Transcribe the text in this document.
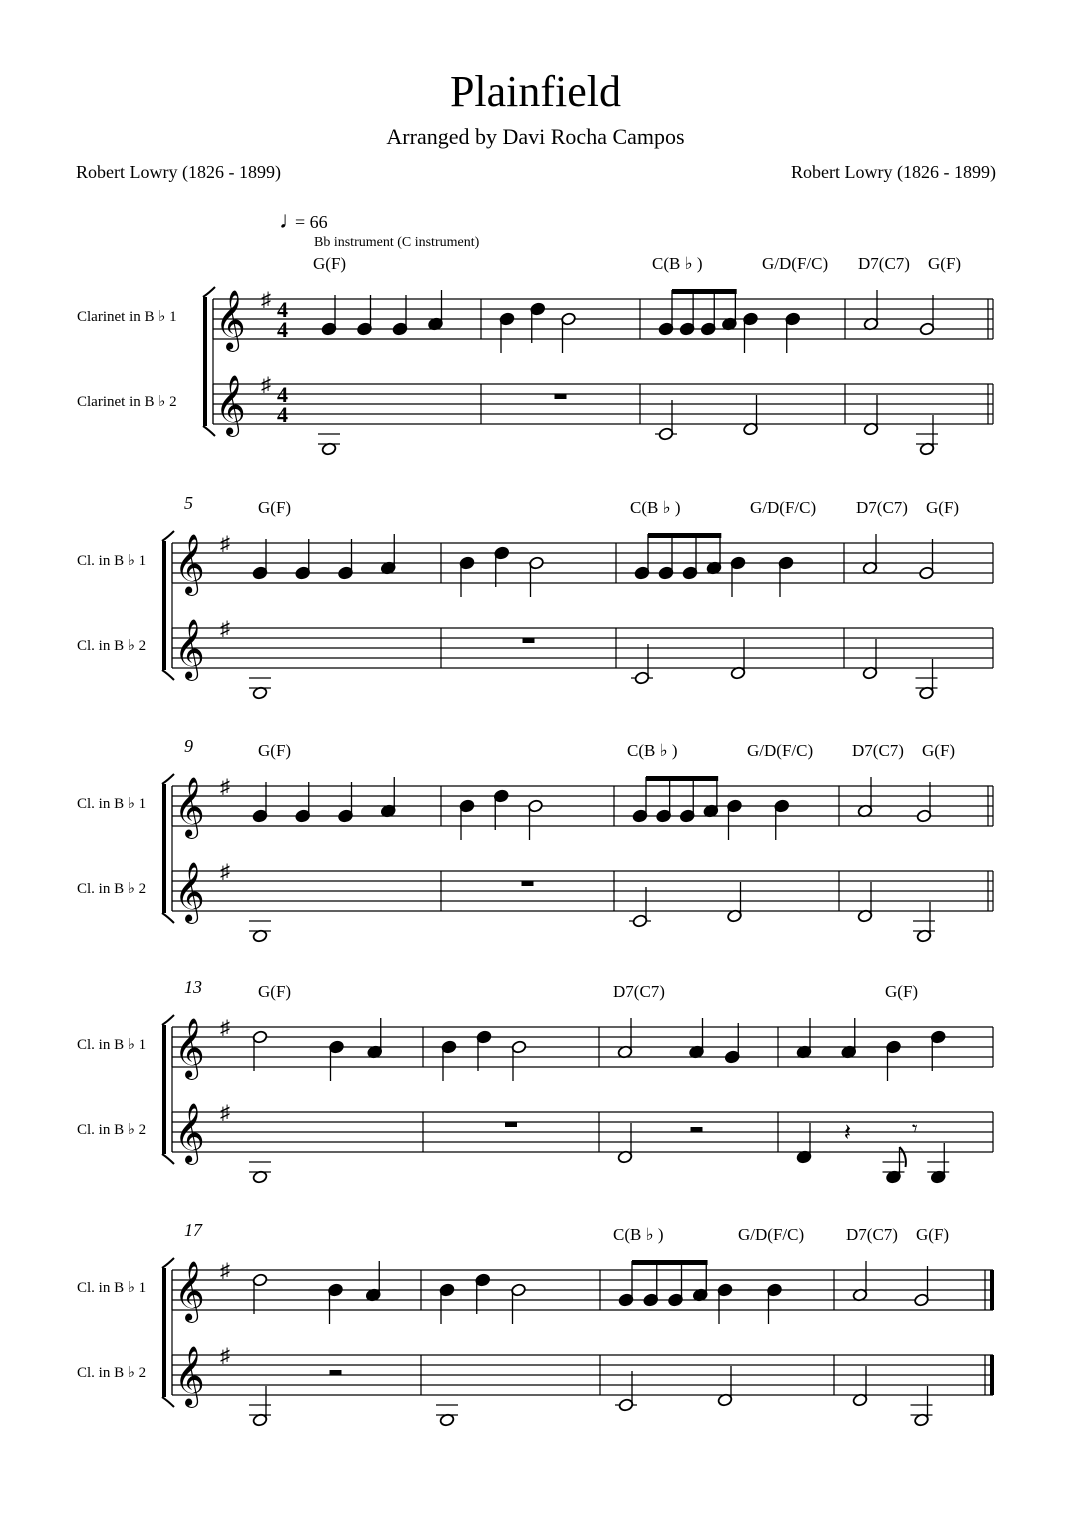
Plainfield
Arranged by Davi Rocha Campos
Robert Lowry (1826 - 1899)	Robert Lowry (1826 - 1899)
♩
= 66
Bb instrument (C instrument)
Clarinet in B ♭ 1
Clarinet in B ♭ 2
𝄞 ♯ 4
4
𝄞 ♯ 4
4
G(F)	C(B ♭ )	G/D(F/C) D7(C7) G(F)
Cl. in B ♭ 1
Cl. in B ♭ 2
5
𝄞 ♯
𝄞 ♯
G(F)	C(B ♭ )	G/D(F/C) D7(C7) G(F)
Cl. in B ♭ 1
Cl. in B ♭ 2
9
𝄞 ♯
𝄞 ♯
G(F)	C(B ♭ )	G/D(F/C) D7(C7) G(F)
Cl. in B ♭ 1
Cl. in B ♭ 2
13
𝄞 ♯
𝄞 ♯
G(F)	D7(C7)
𝄽	𝄾
G(F)
Cl. in B ♭ 1
Cl. in B ♭ 2
17
𝄞 ♯
𝄞 ♯
C(B ♭ )	G/D(F/C) D7(C7) G(F)
